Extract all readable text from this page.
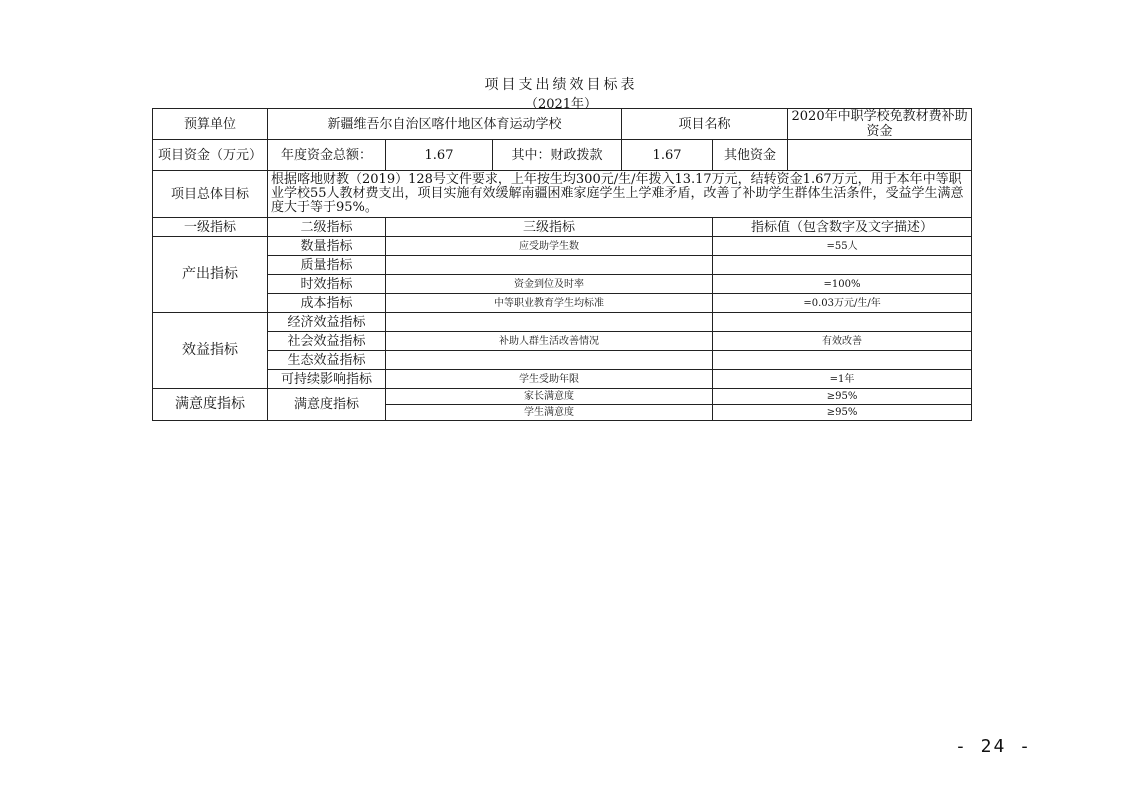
项目支出绩效目标表
（2021年）
预算单位	新疆维吾尔自治区喀什地区体育运动学校			项目名称		2020年中职学校免教材费补助资金
项目资金（万元）	年度资金总额：	1.67	其中：财政拨款	1.67	其他资金	
项目总体目标	根据喀地财教（2019）128号文件要求，上年按生均300元/生/年拨入13.17万元，结转资金1.67万元，用于本年中等职业学校55人教材费支出，项目实施有效缓解南疆困难家庭学生上学难矛盾，改善了补助学生群体生活条件，受益学生满意度大于等于95%。					
一级指标	二级指标	三级指标			指标值（包含数字及文字描述）	
产出指标	数量指标	应受助学生数			=55人	
	质量指标					
	时效指标	资金到位及时率			=100%	
	成本指标	中等职业教育学生均标准			=0.03万元/生/年	
效益指标	经济效益指标					
	社会效益指标	补助人群生活改善情况			有效改善	
	生态效益指标					
	可持续影响指标	学生受助年限			=1年	
满意度指标	满意度指标	家长满意度			≥95%	
		学生满意度			≥95%	
- 24 -
